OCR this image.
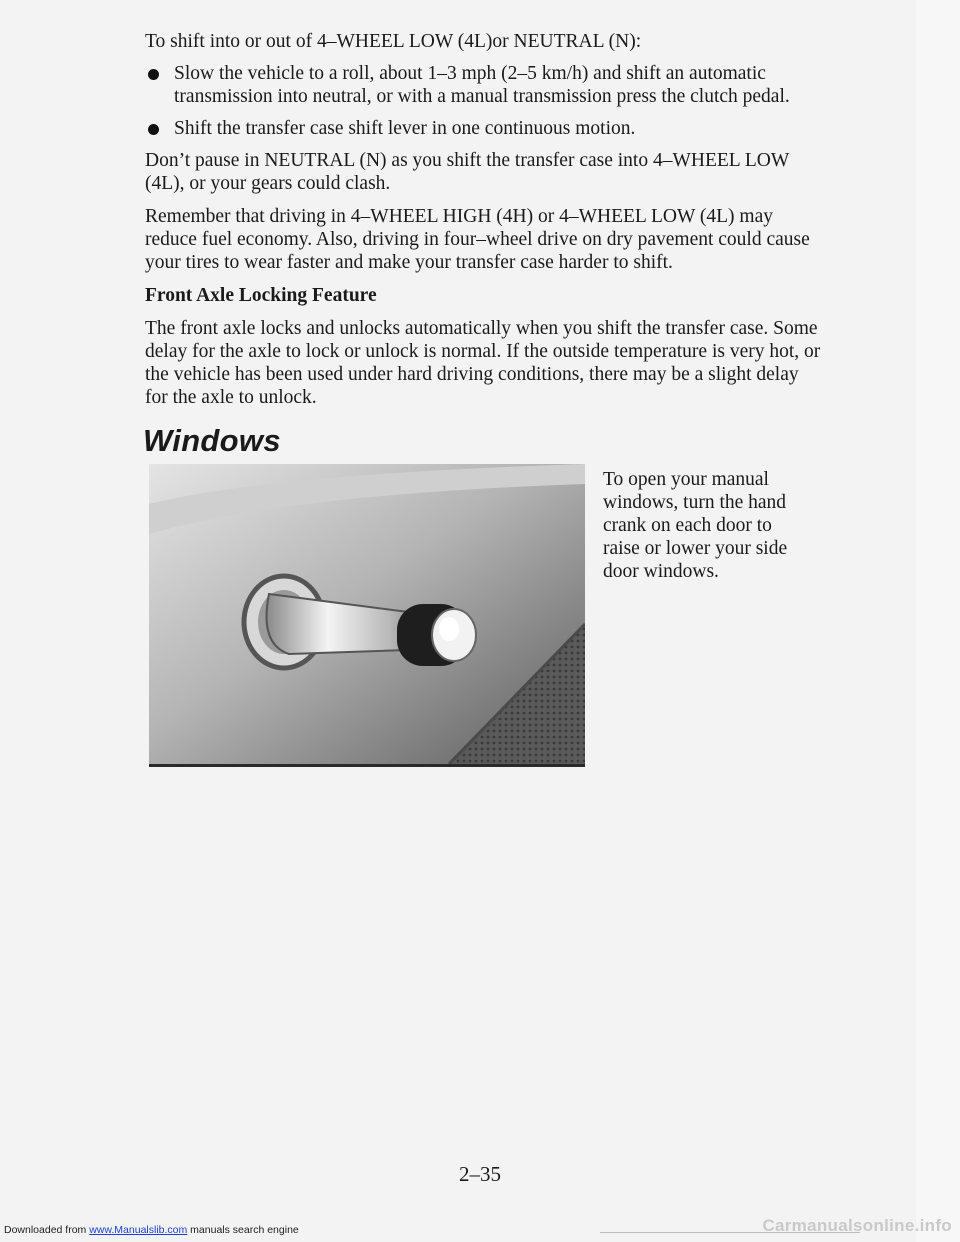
To shift into or out of 4–WHEEL LOW (4L)or NEUTRAL (N):

Slow the vehicle to a roll, about 1–3 mph (2–5 km/h) and shift an automatic transmission into neutral, or with a manual transmission press the clutch pedal.
Shift the transfer case shift lever in one continuous motion.

Don’t pause in NEUTRAL (N) as you shift the transfer case into 4–WHEEL LOW (4L), or your gears could clash.

Remember that driving in 4–WHEEL HIGH (4H) or 4–WHEEL LOW (4L) may reduce fuel economy. Also, driving in four–wheel drive on dry pavement could cause your tires to wear faster and make your transfer case harder to shift.

Front Axle Locking Feature

The front axle locks and unlocks automatically when you shift the transfer case. Some delay for the axle to lock or unlock is normal. If the outside temperature is very hot, or the vehicle has been used under hard driving conditions, there may be a slight delay for the axle to unlock.

Windows
To open your manual windows, turn the hand crank on each door to raise or lower your side door windows.
2–35
Downloaded from www.Manualslib.com manuals search engine	Carmanualsonline.info
